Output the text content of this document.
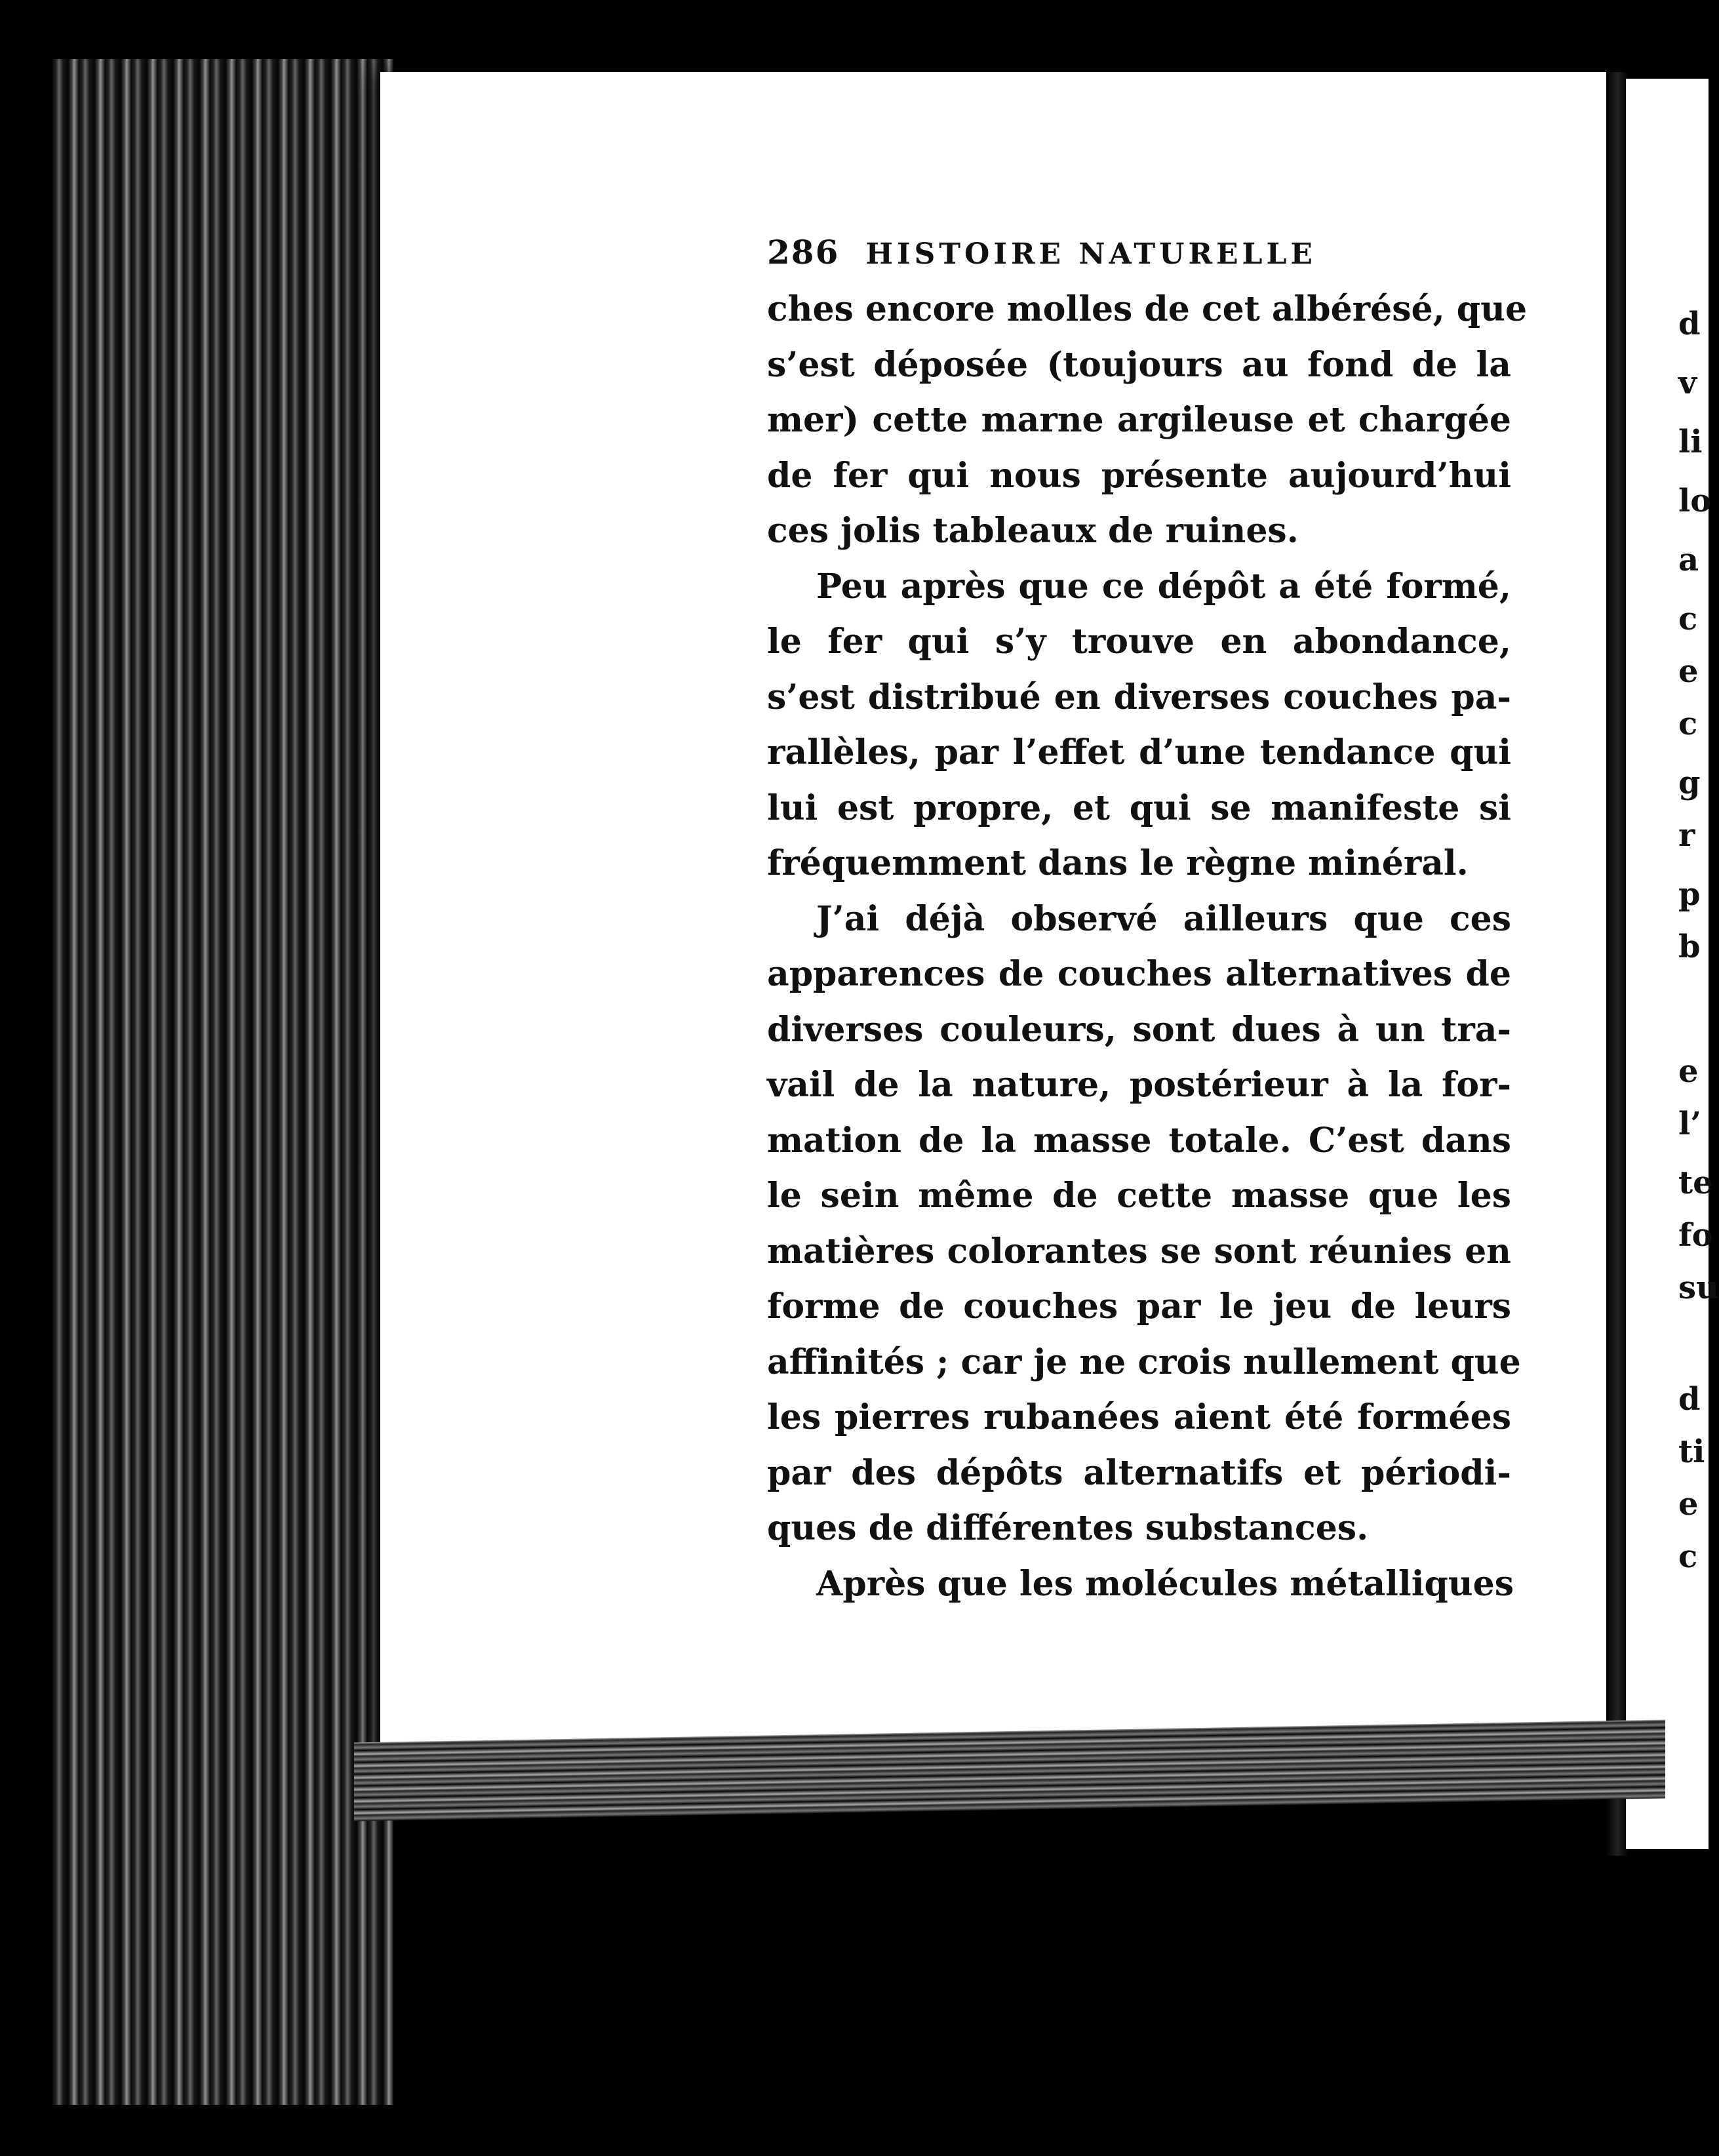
286 HISTOIRE NATURELLE
ches encore molles de cet albérésé, que
s’est déposée (toujours au fond de la
mer) cette marne argileuse et chargée
de fer qui nous présente aujourd’hui
ces jolis tableaux de ruines.
Peu après que ce dépôt a été formé,
le fer qui s’y trouve en abondance,
s’est distribué en diverses couches pa-
rallèles, par l’effet d’une tendance qui
lui est propre, et qui se manifeste si
fréquemment dans le règne minéral.
J’ai déjà observé ailleurs que ces
apparences de couches alternatives de
diverses couleurs, sont dues à un tra-
vail de la nature, postérieur à la for-
mation de la masse totale. C’est dans
le sein même de cette masse que les
matières colorantes se sont réunies en
forme de couches par le jeu de leurs
affinités ; car je ne crois nullement que
les pierres rubanées aient été formées
par des dépôts alternatifs et périodi-
ques de différentes substances.
Après que les molécules métalliques
d
v
li
lo
a
c
e
c
g
r
p
b
e
l’
te
fo
su
d
ti
e
c
